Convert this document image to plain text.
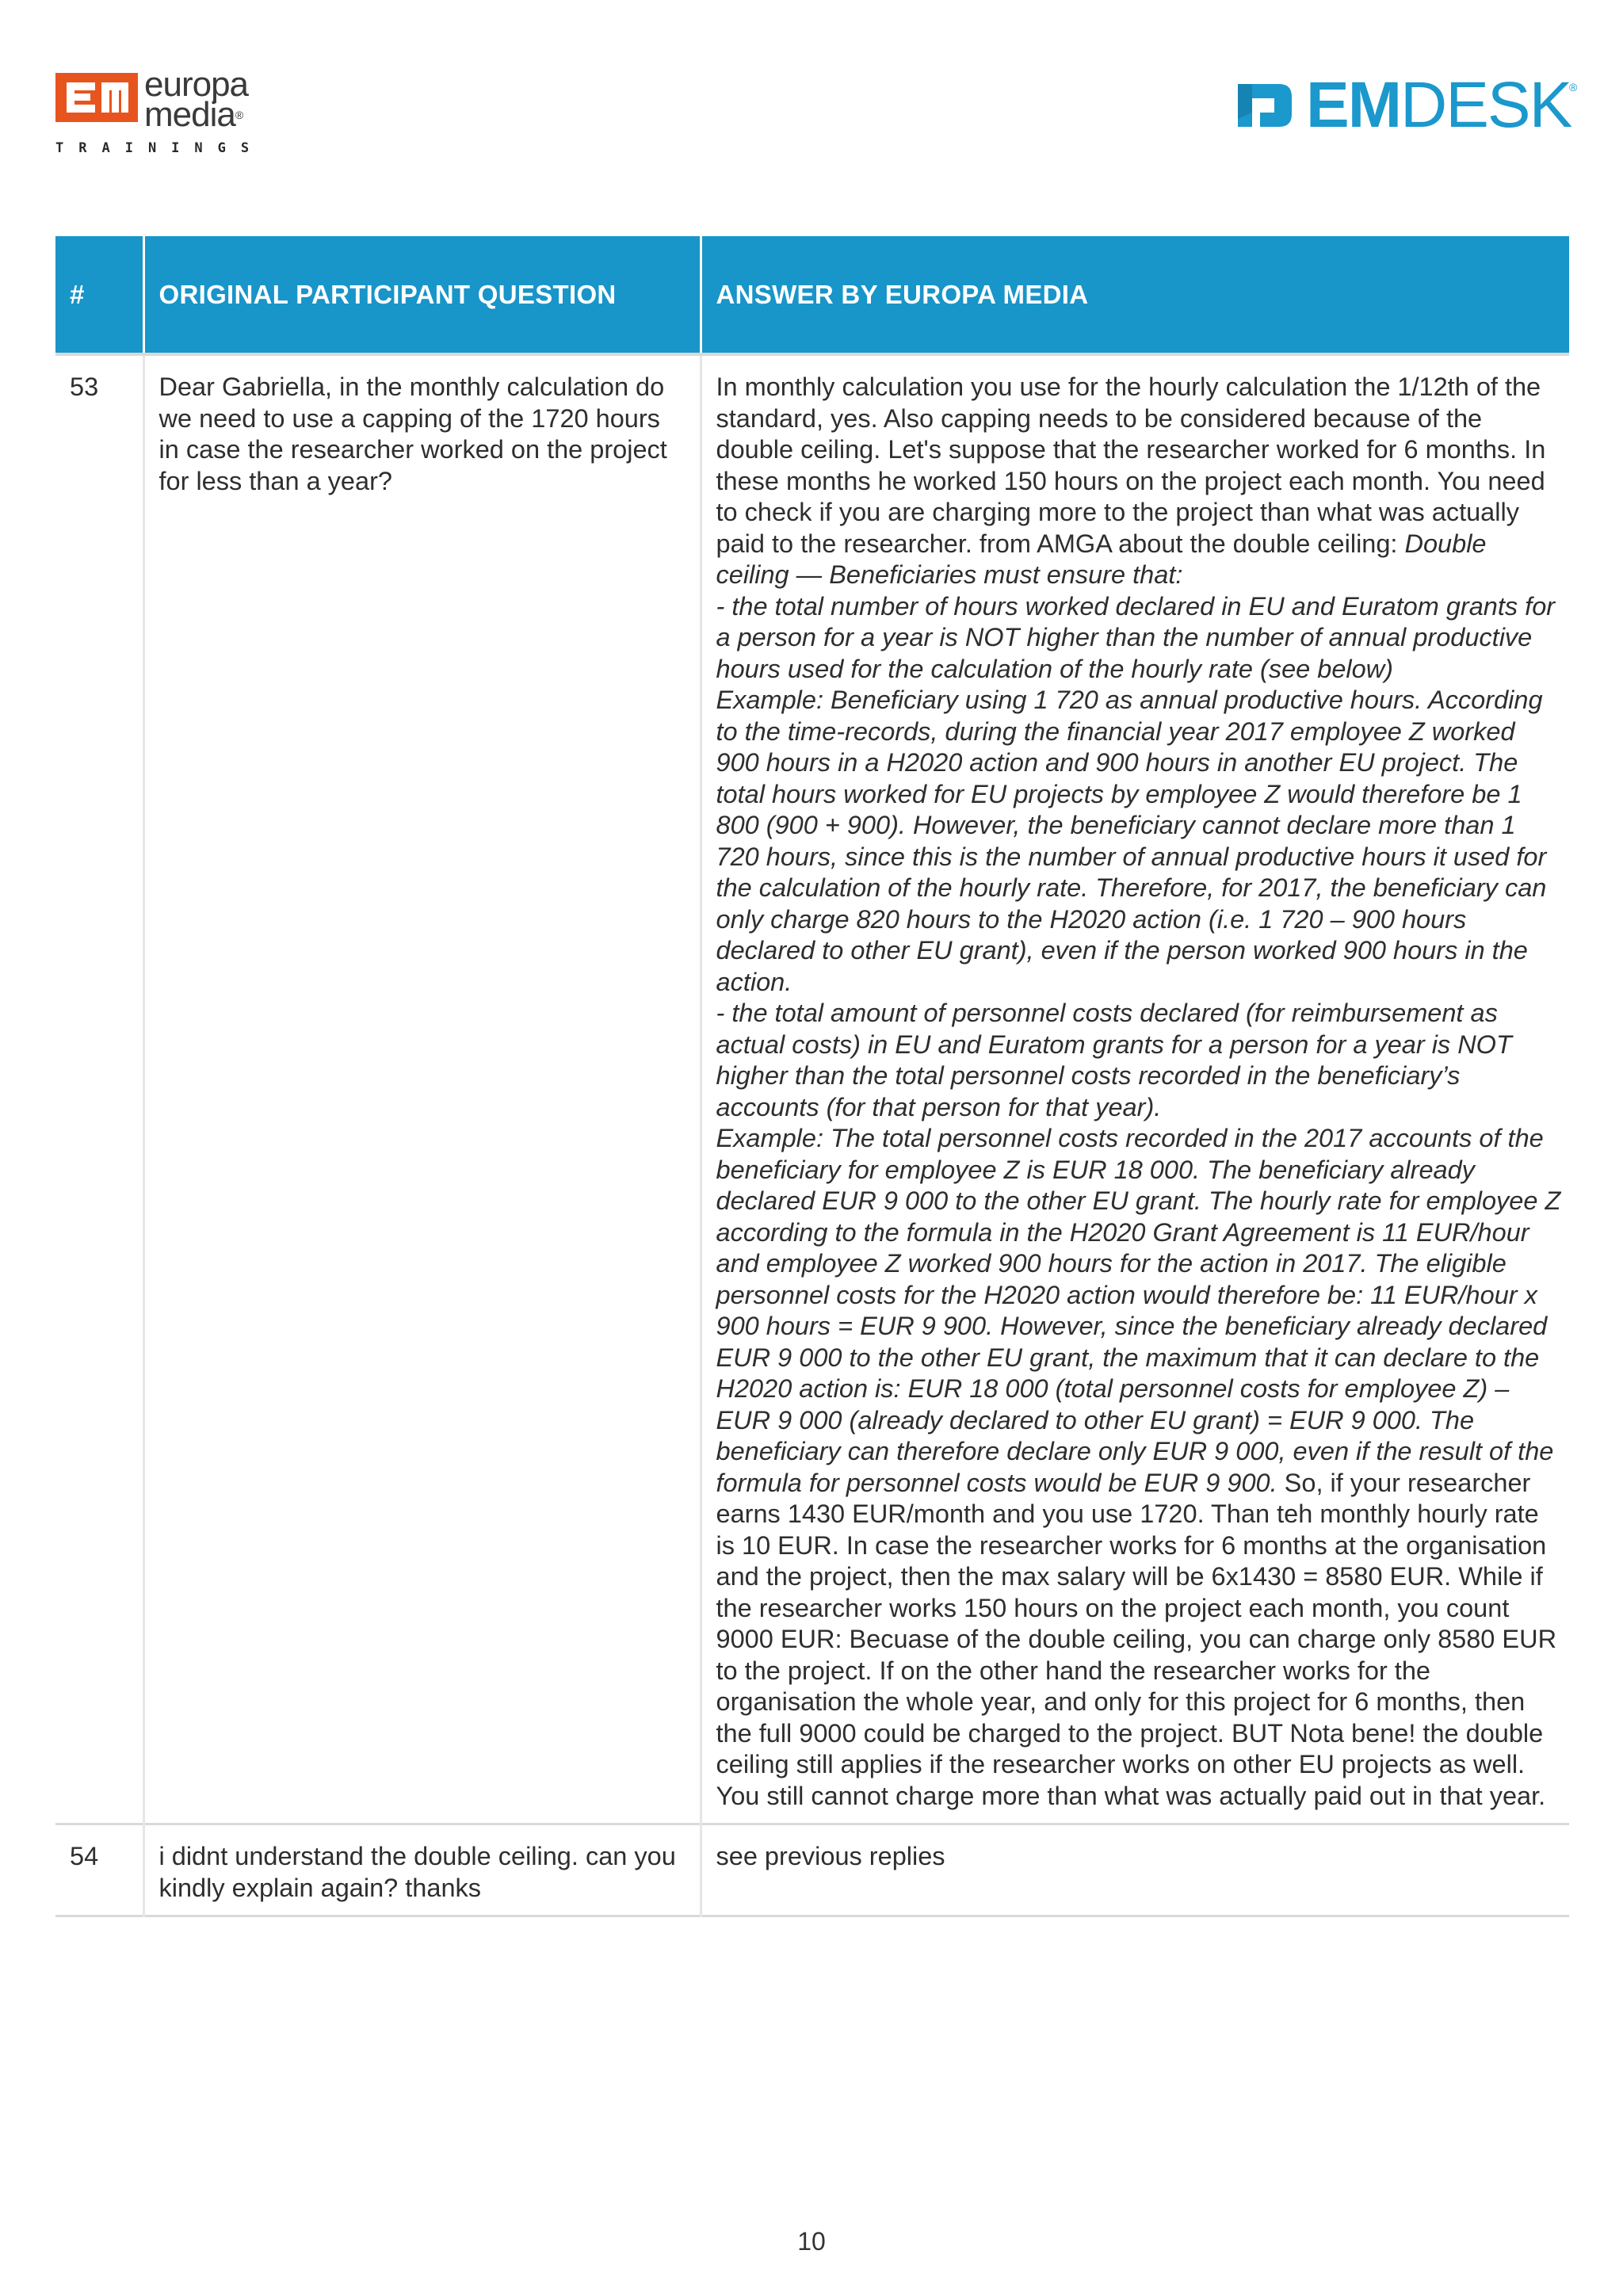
europa
media®
TRAININGS
EMDESK
®
#	ORIGINAL PARTICIPANT QUESTION	ANSWER BY EUROPA MEDIA
53	Dear Gabriella, in the monthly calculation do we need to use a capping of the 1720 hours in case the researcher worked on the project for less than a year?	In monthly calculation you use for the hourly calculation the 1/12th of the standard, yes. Also capping needs to be considered because of the double ceiling. Let's suppose that the researcher worked for 6 months. In these months he worked 150 hours on the project each month. You need to check if you are charging more to the project than what was actually paid to the researcher. from AMGA about the double ceiling: Double ceiling — Beneficiaries must ensure that:
- the total number of hours worked declared in EU and Euratom grants for a person for a year is NOT higher than the number of annual productive hours used for the calculation of the hourly rate (see below)
Example: Beneficiary using 1 720 as annual productive hours. According to the time-records, during the financial year 2017 employee Z worked 900 hours in a H2020 action and 900 hours in another EU project. The total hours worked for EU projects by employee Z would therefore be 1 800 (900 + 900). However, the beneficiary cannot declare more than 1 720 hours, since this is the number of annual productive hours it used for the calculation of the hourly rate. Therefore, for 2017, the beneficiary can only charge 820 hours to the H2020 action (i.e. 1 720 – 900 hours declared to other EU grant), even if the person worked 900 hours in the action.
- the total amount of personnel costs declared (for reimbursement as actual costs) in EU and Euratom grants for a person for a year is NOT higher than the total personnel costs recorded in the beneficiary’s accounts (for that person for that year).
Example: The total personnel costs recorded in the 2017 accounts of the beneficiary for employee Z is EUR 18 000. The beneficiary already declared EUR 9 000 to the other EU grant. The hourly rate for employee Z according to the formula in the H2020 Grant Agreement is 11 EUR/hour and employee Z worked 900 hours for the action in 2017. The eligible personnel costs for the H2020 action would therefore be: 11 EUR/hour x 900 hours = EUR 9 900. However, since the beneficiary already declared EUR 9 000 to the other EU grant, the maximum that it can declare to the H2020 action is: EUR 18 000 (total personnel costs for employee Z) – EUR 9 000 (already declared to other EU grant) = EUR 9 000. The beneficiary can therefore declare only EUR 9 000, even if the result of the formula for personnel costs would be EUR 9 900. So, if your researcher earns 1430 EUR/month and you use 1720. Than teh monthly hourly rate is 10 EUR. In case the researcher works for 6 months at the organisation and the project, then the max salary will be 6x1430 = 8580 EUR. While if the researcher works 150 hours on the project each month, you count 9000 EUR: Becuase of the double ceiling, you can charge only 8580 EUR to the project. If on the other hand the researcher works for the organisation the whole year, and only for this project for 6 months, then the full 9000 could be charged to the project. BUT Nota bene! the double ceiling still applies if the researcher works on other EU projects as well. You still cannot charge more than what was actually paid out in that year.
54	i didnt understand the double ceiling. can you kindly explain again? thanks	see previous replies
10
